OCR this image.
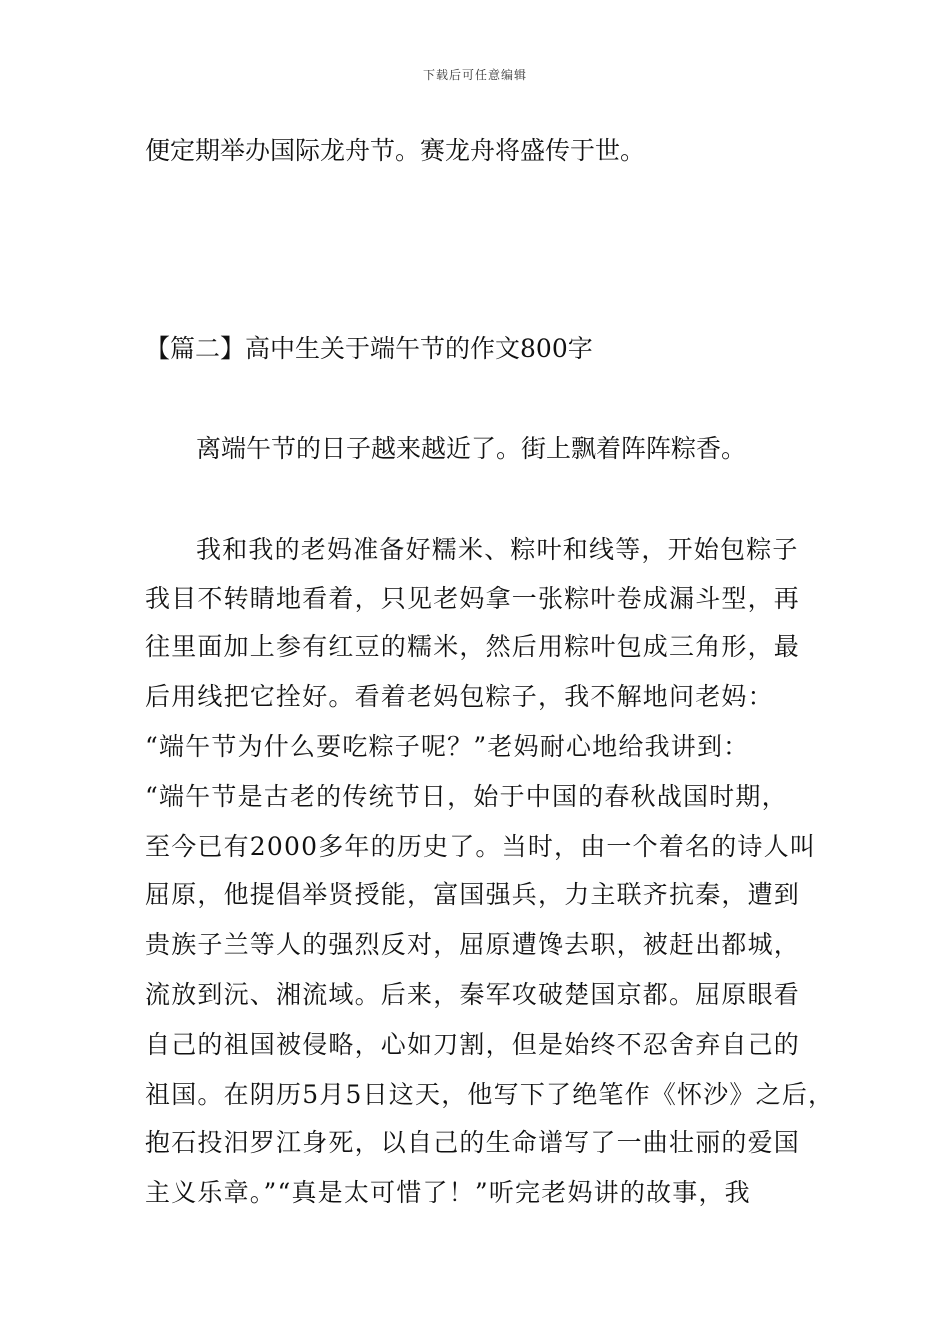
下载后可任意编辑
便定期举办国际龙舟节。赛龙舟将盛传于世。
【篇二】高中生关于端午节的作文800字
离端午节的日子越来越近了。街上飘着阵阵粽香。
我和我的老妈准备好糯米、粽叶和线等，开始包粽子
我目不转睛地看着，只见老妈拿一张粽叶卷成漏斗型，再
往里面加上参有红豆的糯米，然后用粽叶包成三角形，最
后用线把它拴好。看着老妈包粽子，我不解地问老妈：
“端午节为什么要吃粽子呢？”老妈耐心地给我讲到：
“端午节是古老的传统节日，始于中国的春秋战国时期，
至今已有2000多年的历史了。当时，由一个着名的诗人叫
屈原，他提倡举贤授能，富国强兵，力主联齐抗秦，遭到
贵族子兰等人的强烈反对，屈原遭馋去职，被赶出都城，
流放到沅、湘流域。后来，秦军攻破楚国京都。屈原眼看
自己的祖国被侵略，心如刀割，但是始终不忍舍弃自己的
祖国。在阴历5月5日这天，他写下了绝笔作《怀沙》之后，
抱石投汨罗江身死，以自己的生命谱写了一曲壮丽的爱国
主义乐章。”“真是太可惜了！”听完老妈讲的故事，我
